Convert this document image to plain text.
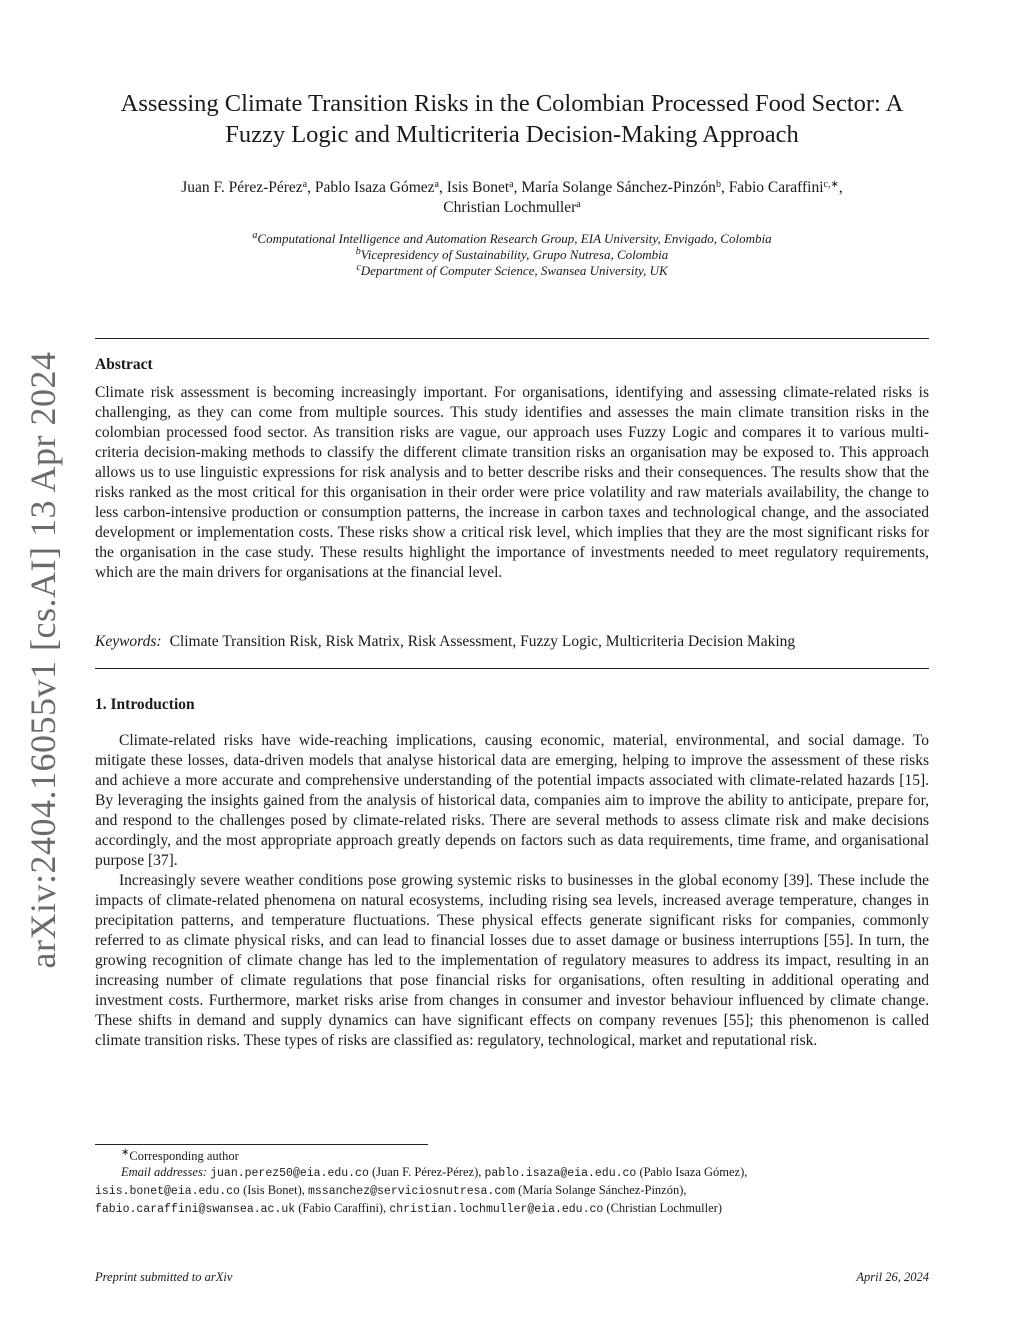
arXiv:2404.16055v1 [cs.AI] 13 Apr 2024
Assessing Climate Transition Risks in the Colombian Processed Food Sector: A
Fuzzy Logic and Multicriteria Decision-Making Approach
Juan F. Pérez-Pérez$^a$, Pablo Isaza Gómez$^a$, Isis Bonet$^a$, María Solange Sánchez-Pinzón$^b$, Fabio Caraffini$^{c,∗}$,
Christian Lochmuller$^a$
$^a$Computational Intelligence and Automation Research Group, EIA University, Envigado, Colombia
$^b$Vicepresidency of Sustainability, Grupo Nutresa, Colombia
$^c$Department of Computer Science, Swansea University, UK
Abstract

Climate risk assessment is becoming increasingly important. For organisations, identifying and assessing climate-related risks is challenging, as they can come from multiple sources. This study identifies and assesses the main climate transition risks in the colombian processed food sector. As transition risks are vague, our approach uses Fuzzy Logic and compares it to various multi-criteria decision-making methods to classify the different climate transition risks an organisation may be exposed to. This approach allows us to use linguistic expressions for risk analysis and to better describe risks and their consequences. The results show that the risks ranked as the most critical for this organisation in their order were price volatility and raw materials availability, the change to less carbon-intensive production or consumption patterns, the increase in carbon taxes and technological change, and the associated development or implementation costs. These risks show a critical risk level, which implies that they are the most significant risks for the organisation in the case study. These results highlight the importance of investments needed to meet regulatory requirements, which are the main drivers for organisations at the financial level.

Keywords: Climate Transition Risk, Risk Matrix, Risk Assessment, Fuzzy Logic, Multicriteria Decision Making
1. Introduction

Climate-related risks have wide-reaching implications, causing economic, material, environmental, and social damage. To mitigate these losses, data-driven models that analyse historical data are emerging, helping to improve the assessment of these risks and achieve a more accurate and comprehensive understanding of the potential impacts associated with climate-related hazards [15]. By leveraging the insights gained from the analysis of historical data, companies aim to improve the ability to anticipate, prepare for, and respond to the challenges posed by climate-related risks. There are several methods to assess climate risk and make decisions accordingly, and the most appropriate approach greatly depends on factors such as data requirements, time frame, and organisational purpose [37].

Increasingly severe weather conditions pose growing systemic risks to businesses in the global economy [39]. These include the impacts of climate-related phenomena on natural ecosystems, including rising sea levels, increased average temperature, changes in precipitation patterns, and temperature fluctuations. These physical effects generate significant risks for companies, commonly referred to as climate physical risks, and can lead to financial losses due to asset damage or business interruptions [55]. In turn, the growing recognition of climate change has led to the implementation of regulatory measures to address its impact, resulting in an increasing number of climate regulations that pose financial risks for organisations, often resulting in additional operating and investment costs. Furthermore, market risks arise from changes in consumer and investor behaviour influenced by climate change. These shifts in demand and supply dynamics can have significant effects on company revenues [55]; this phenomenon is called climate transition risks. These types of risks are classified as: regulatory, technological, market and reputational risk.

∗Corresponding author
Email addresses: juan.perez50@eia.edu.co (Juan F. Pérez-Pérez), pablo.isaza@eia.edu.co (Pablo Isaza Gómez),
isis.bonet@eia.edu.co (Isis Bonet), mssanchez@serviciosnutresa.com (María Solange Sánchez-Pinzón),
fabio.caraffini@swansea.ac.uk (Fabio Caraffini), christian.lochmuller@eia.edu.co (Christian Lochmuller)
Preprint submitted to arXiv	April 26, 2024
